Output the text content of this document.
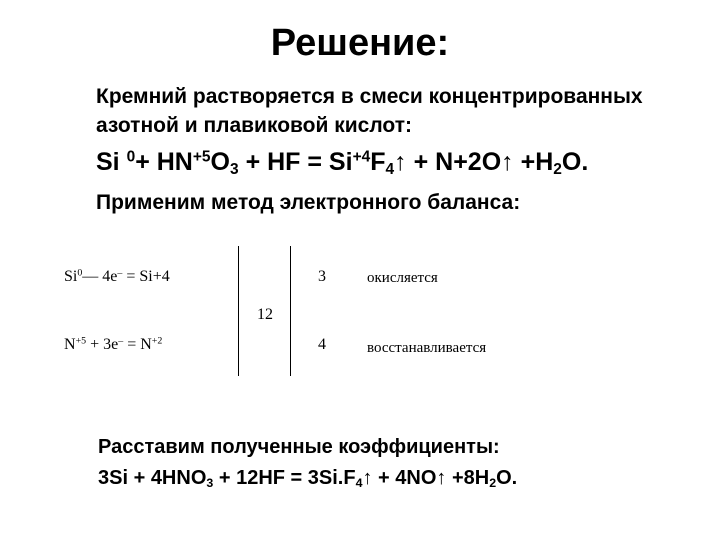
Решение:
Кремний растворяется в смеси концентрированных
азотной и плавиковой кислот:
Si $^0+ HN^{+5}O_3$ + HF = $Si^{+4}F_4↑$ + N+2O↑ $+H_2O$.
Применим метод электронного баланса:
Si$^0$— 4e– = Si+4	3	окисляется
12
$N^{+5} + 3e^- = N^{+2}$	4	восстанавливается
Расставим полученные коэффициенты:
$3Si + 4HNO_3 + 12HF$ = $3Si.F_4↑$ + 4NO↑ $+8H_2O$.
